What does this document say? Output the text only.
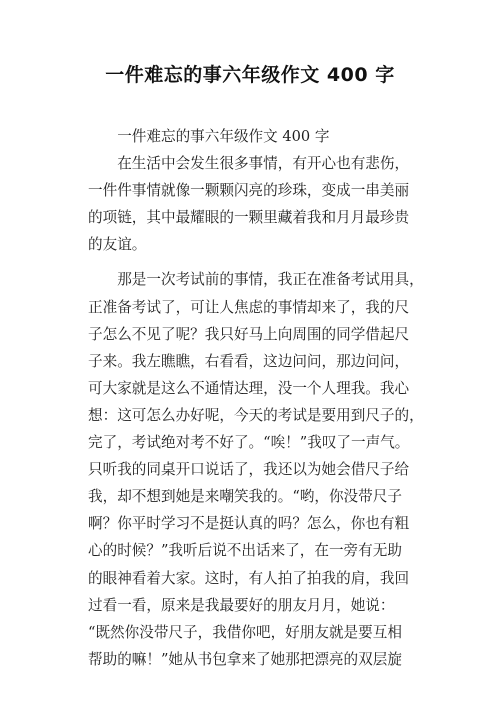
一件难忘的事六年级作文 400 字
　　一件难忘的事六年级作文 400 字
　　在生活中会发生很多事情，有开心也有悲伤，
一件件事情就像一颗颗闪亮的珍珠，变成一串美丽
的项链，其中最耀眼的一颗里藏着我和月月最珍贵
的友谊。
　　那是一次考试前的事情，我正在准备考试用具，
正准备考试了，可让人焦虑的事情却来了，我的尺
子怎么不见了呢？我只好马上向周围的同学借起尺
子来。我左瞧瞧，右看看，这边问问，那边问问，
可大家就是这么不通情达理，没一个人理我。我心
想：这可怎么办好呢，今天的考试是要用到尺子的，
完了，考试绝对考不好了。“唉！”我叹了一声气。
只听我的同桌开口说话了，我还以为她会借尺子给
我，却不想到她是来嘲笑我的。“哟，你没带尺子
啊？你平时学习不是挺认真的吗？怎么，你也有粗
心的时候？”我听后说不出话来了，在一旁有无助
的眼神看着大家。这时，有人拍了拍我的肩，我回
过看一看，原来是我最要好的朋友月月，她说：
“既然你没带尺子，我借你吧，好朋友就是要互相
帮助的嘛！”她从书包拿来了她那把漂亮的双层旋
